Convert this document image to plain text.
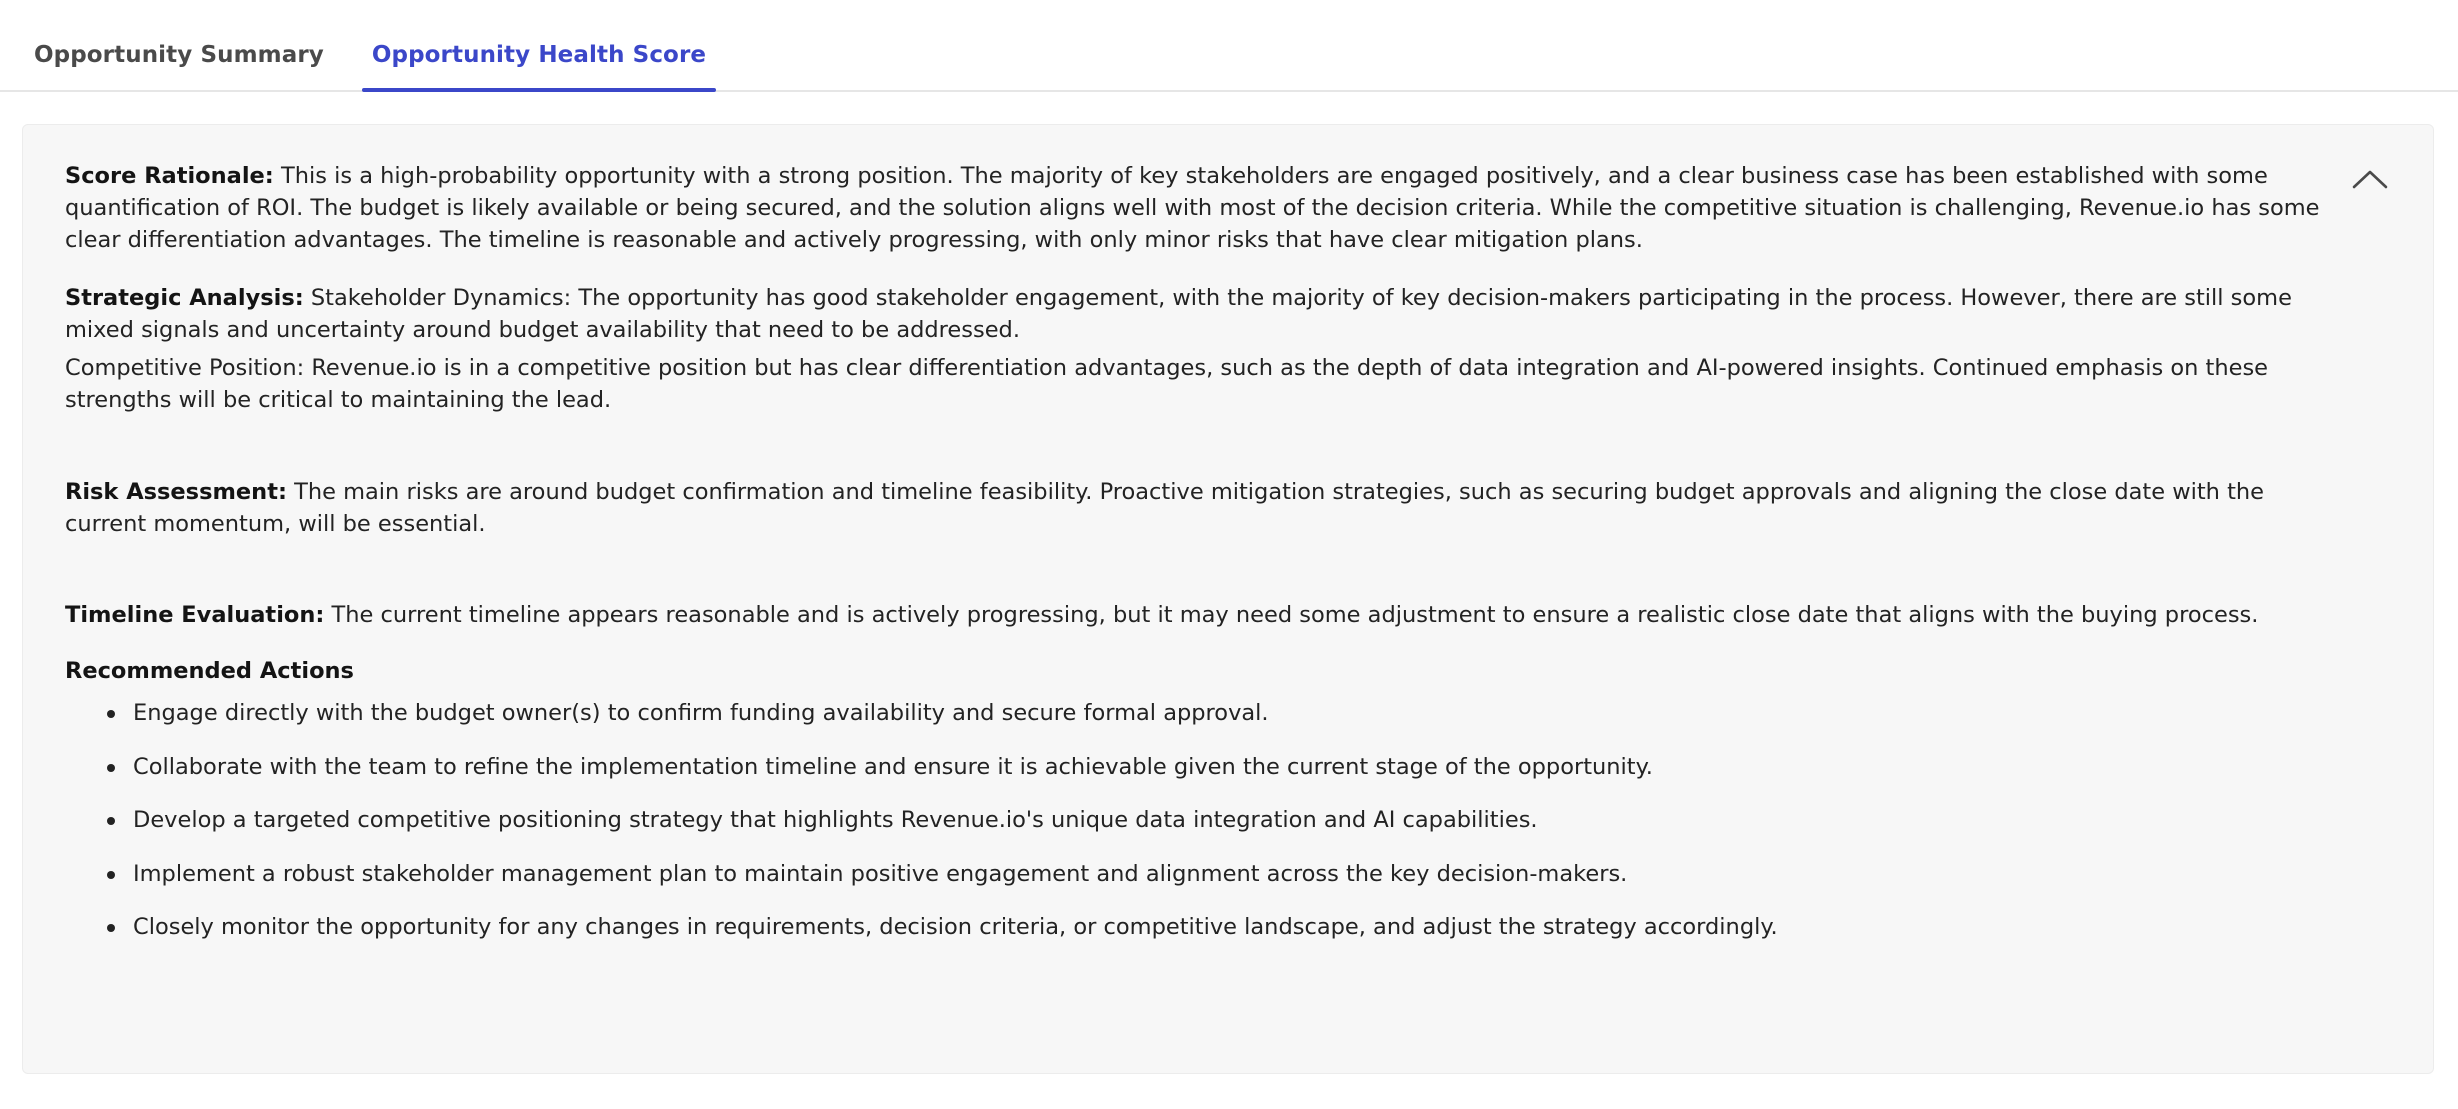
Opportunity Summary	Opportunity Health Score

Score Rationale: This is a high-probability opportunity with a strong position. The majority of key stakeholders are engaged positively, and a clear business case has been established with some quantification of ROI. The budget is likely available or being secured, and the solution aligns well with most of the decision criteria. While the competitive situation is challenging, Revenue.io has some clear differentiation advantages. The timeline is reasonable and actively progressing, with only minor risks that have clear mitigation plans.

Strategic Analysis: Stakeholder Dynamics: The opportunity has good stakeholder engagement, with the majority of key decision-makers participating in the process. However, there are still some mixed signals and uncertainty around budget availability that need to be addressed.

Competitive Position: Revenue.io is in a competitive position but has clear differentiation advantages, such as the depth of data integration and AI-powered insights. Continued emphasis on these strengths will be critical to maintaining the lead.

Risk Assessment: The main risks are around budget confirmation and timeline feasibility. Proactive mitigation strategies, such as securing budget approvals and aligning the close date with the current momentum, will be essential.

Timeline Evaluation: The current timeline appears reasonable and is actively progressing, but it may need some adjustment to ensure a realistic close date that aligns with the buying process.

Recommended Actions
Engage directly with the budget owner(s) to confirm funding availability and secure formal approval.
Collaborate with the team to refine the implementation timeline and ensure it is achievable given the current stage of the opportunity.
Develop a targeted competitive positioning strategy that highlights Revenue.io's unique data integration and AI capabilities.
Implement a robust stakeholder management plan to maintain positive engagement and alignment across the key decision-makers.
Closely monitor the opportunity for any changes in requirements, decision criteria, or competitive landscape, and adjust the strategy accordingly.
